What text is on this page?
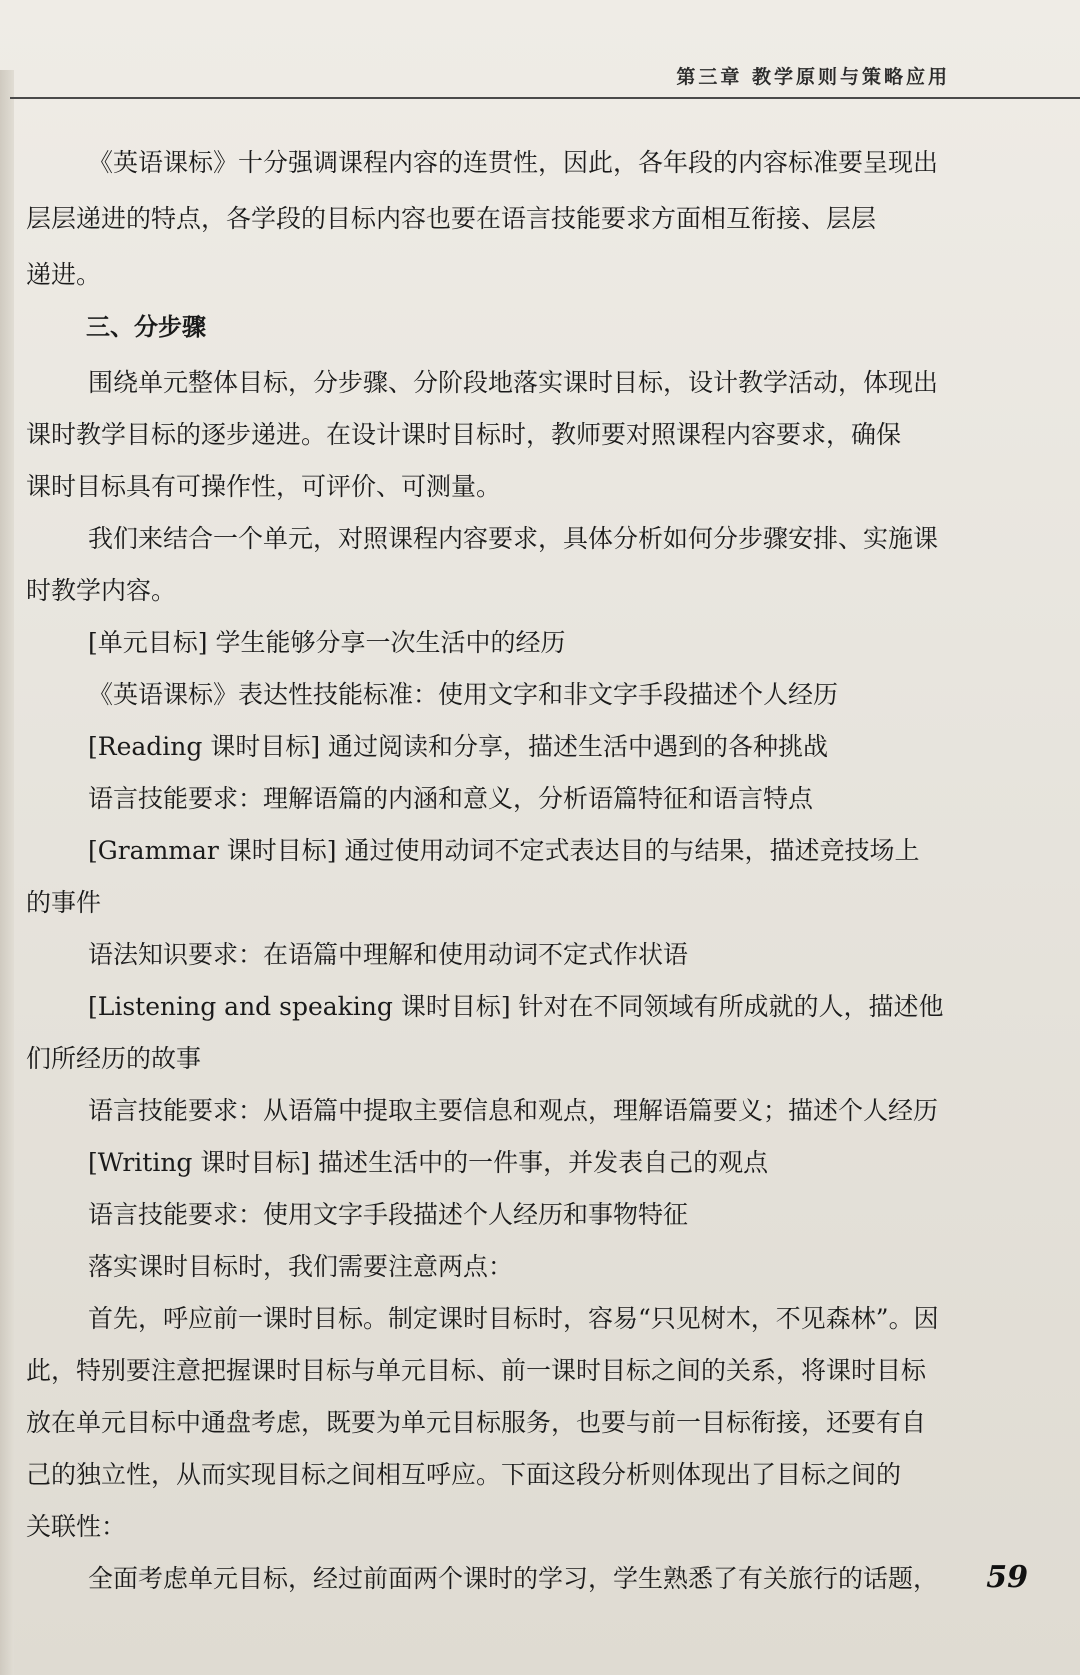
第三章 教学原则与策略应用
《英语课标》十分强调课程内容的连贯性，因此，各年段的内容标准要呈现出
层层递进的特点，各学段的目标内容也要在语言技能要求方面相互衔接、层层
递进。
三、分步骤
围绕单元整体目标，分步骤、分阶段地落实课时目标，设计教学活动，体现出
课时教学目标的逐步递进。在设计课时目标时，教师要对照课程内容要求，确保
课时目标具有可操作性，可评价、可测量。
我们来结合一个单元，对照课程内容要求，具体分析如何分步骤安排、实施课
时教学内容。
[单元目标] 学生能够分享一次生活中的经历
《英语课标》表达性技能标准：使用文字和非文字手段描述个人经历
[Reading 课时目标] 通过阅读和分享，描述生活中遇到的各种挑战
语言技能要求：理解语篇的内涵和意义，分析语篇特征和语言特点
[Grammar 课时目标] 通过使用动词不定式表达目的与结果，描述竞技场上
的事件
语法知识要求：在语篇中理解和使用动词不定式作状语
[Listening and speaking 课时目标] 针对在不同领域有所成就的人，描述他
们所经历的故事
语言技能要求：从语篇中提取主要信息和观点，理解语篇要义；描述个人经历
[Writing 课时目标] 描述生活中的一件事，并发表自己的观点
语言技能要求：使用文字手段描述个人经历和事物特征
落实课时目标时，我们需要注意两点：
首先，呼应前一课时目标。制定课时目标时，容易“只见树木，不见森林”。因
此，特别要注意把握课时目标与单元目标、前一课时目标之间的关系，将课时目标
放在单元目标中通盘考虑，既要为单元目标服务，也要与前一目标衔接，还要有自
己的独立性，从而实现目标之间相互呼应。下面这段分析则体现出了目标之间的
关联性：
全面考虑单元目标，经过前面两个课时的学习，学生熟悉了有关旅行的话题，	59
